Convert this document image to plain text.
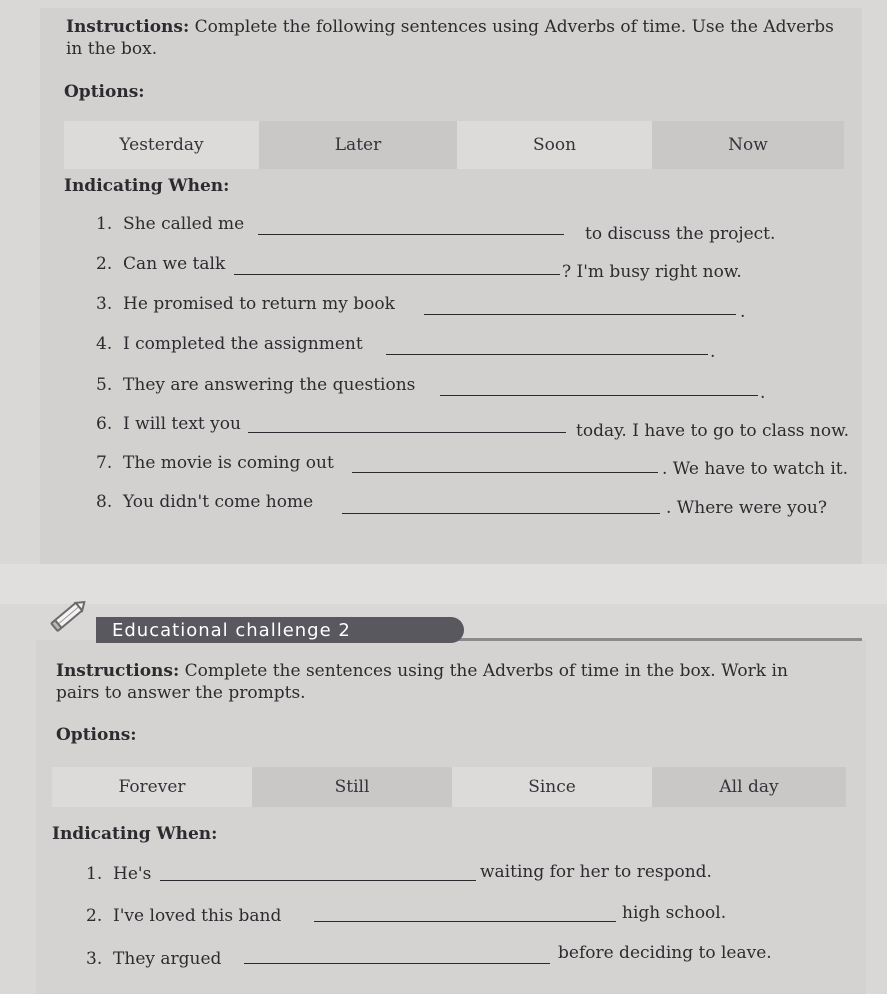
Instructions: Complete the following sentences using Adverbs of time. Use the Adverbs
in the box.
Options:
Yesterday	Later	Soon	Now
Indicating When:
1. She called me	to discuss the project.
2. Can we talk	? I'm busy right now.
3. He promised to return my book	.
4. I completed the assignment	.
5. They are answering the questions	.
6. I will text you	today. I have to go to class now.
7. The movie is coming out	. We have to watch it.
8. You didn't come home	. Where were you?
Educational challenge 2
Instructions: Complete the sentences using the Adverbs of time in the box. Work in
pairs to answer the prompts.
Options:
Forever	Still	Since	All day
Indicating When:
1. He's	waiting for her to respond.
2. I've loved this band	high school.
3. They argued	before deciding to leave.
